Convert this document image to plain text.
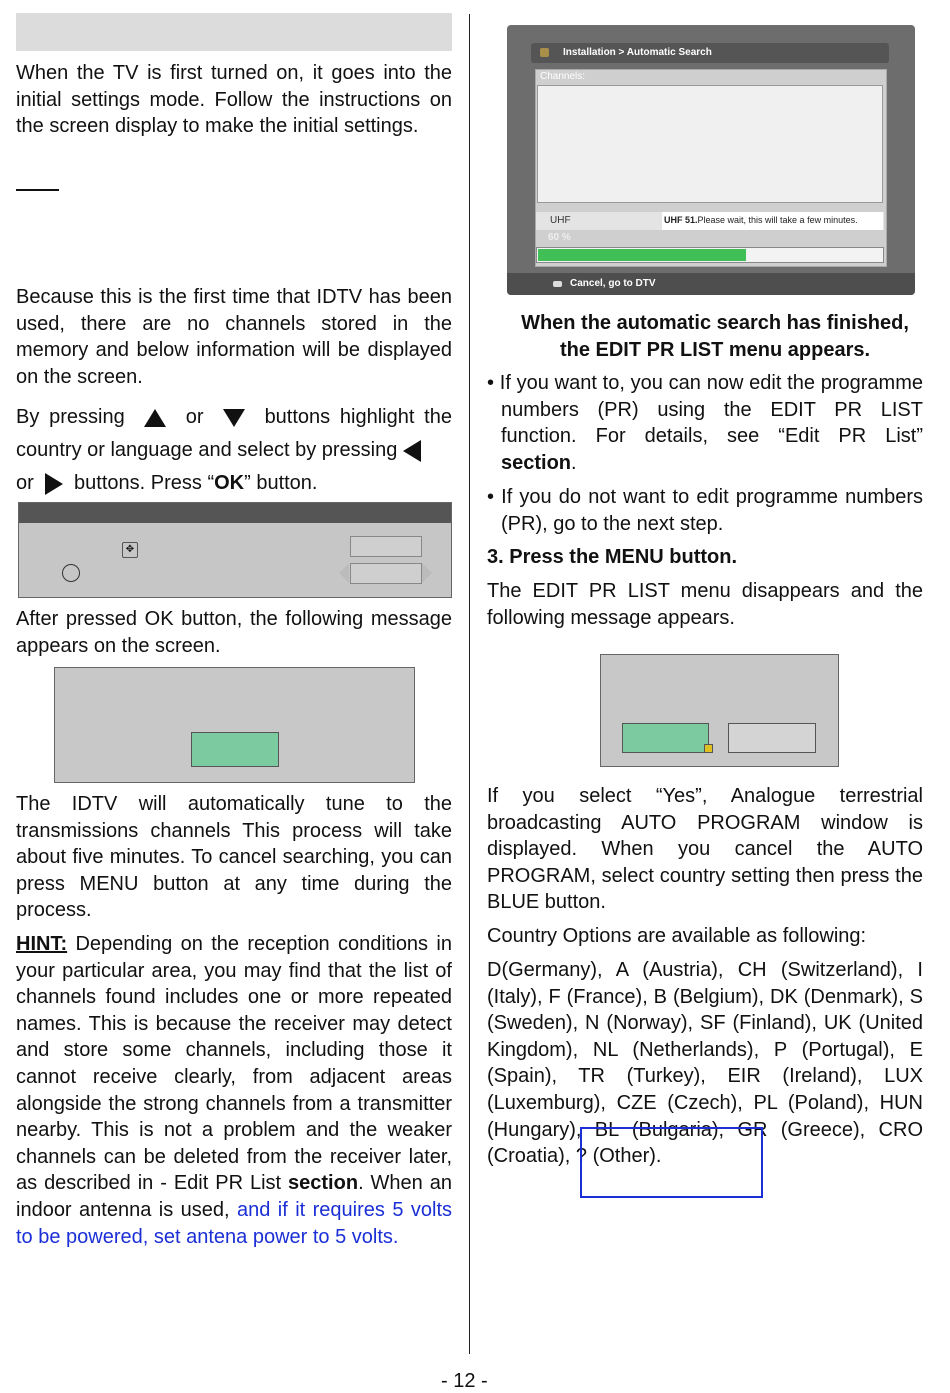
When the TV is first turned on, it goes into the initial settings mode. Follow the instructions on the screen display to make the initial settings.

Because this is the first time that IDTV has been used, there are no channels stored in the memory and below information will be displayed on the screen.

By pressing	or	buttons highlight the country or language and select by pressing
or buttons. Press “OK” button.
✥

After pressed OK button, the following message appears on the screen.

The IDTV will automatically tune to the transmissions channels This process will take about five minutes. To cancel searching, you can press MENU button at any time during the process.

HINT: Depending on the reception conditions in your particular area, you may find that the list of channels found includes one or more repeated names. This is because the receiver may detect and store some channels, including those it cannot receive clearly, from adjacent areas alongside the strong channels from a transmitter nearby. This is not a problem and the weaker channels can be deleted from the receiver later, as described in - Edit PR List section. When an indoor antenna is used, and if it requires 5 volts to be powered, set antena power to 5 volts.

Installation > Automatic Search
Channels:
UHF	UHF 51.Please wait, this will take a few minutes.
60 %
Cancel, go to DTV
When the automatic search has finished, the EDIT PR LIST menu appears.

• If you want to, you can now edit the programme numbers (PR) using the EDIT PR LIST function. For details, see “Edit PR List” section.

• If you do not want to edit programme numbers (PR), go to the next step.

3. Press the MENU button.

The EDIT PR LIST menu disappears and the following message appears.

If you select “Yes”, Analogue terrestrial broadcasting AUTO PROGRAM window is displayed. When you cancel the AUTO PROGRAM, select country setting then press the BLUE button.

Country Options are available as following:

D(Germany), A (Austria), CH (Switzerland), I (Italy), F (France), B (Belgium), DK (Denmark), S (Sweden), N (Norway), SF (Finland), UK (United Kingdom), NL (Netherlands), P (Portugal), E (Spain), TR (Turkey), EIR (Ireland), LUX (Luxemburg), CZE (Czech), PL (Poland), HUN (Hungary), BL (Bulgaria), GR (Greece), CRO (Croatia), ? (Other).

- 12 -
